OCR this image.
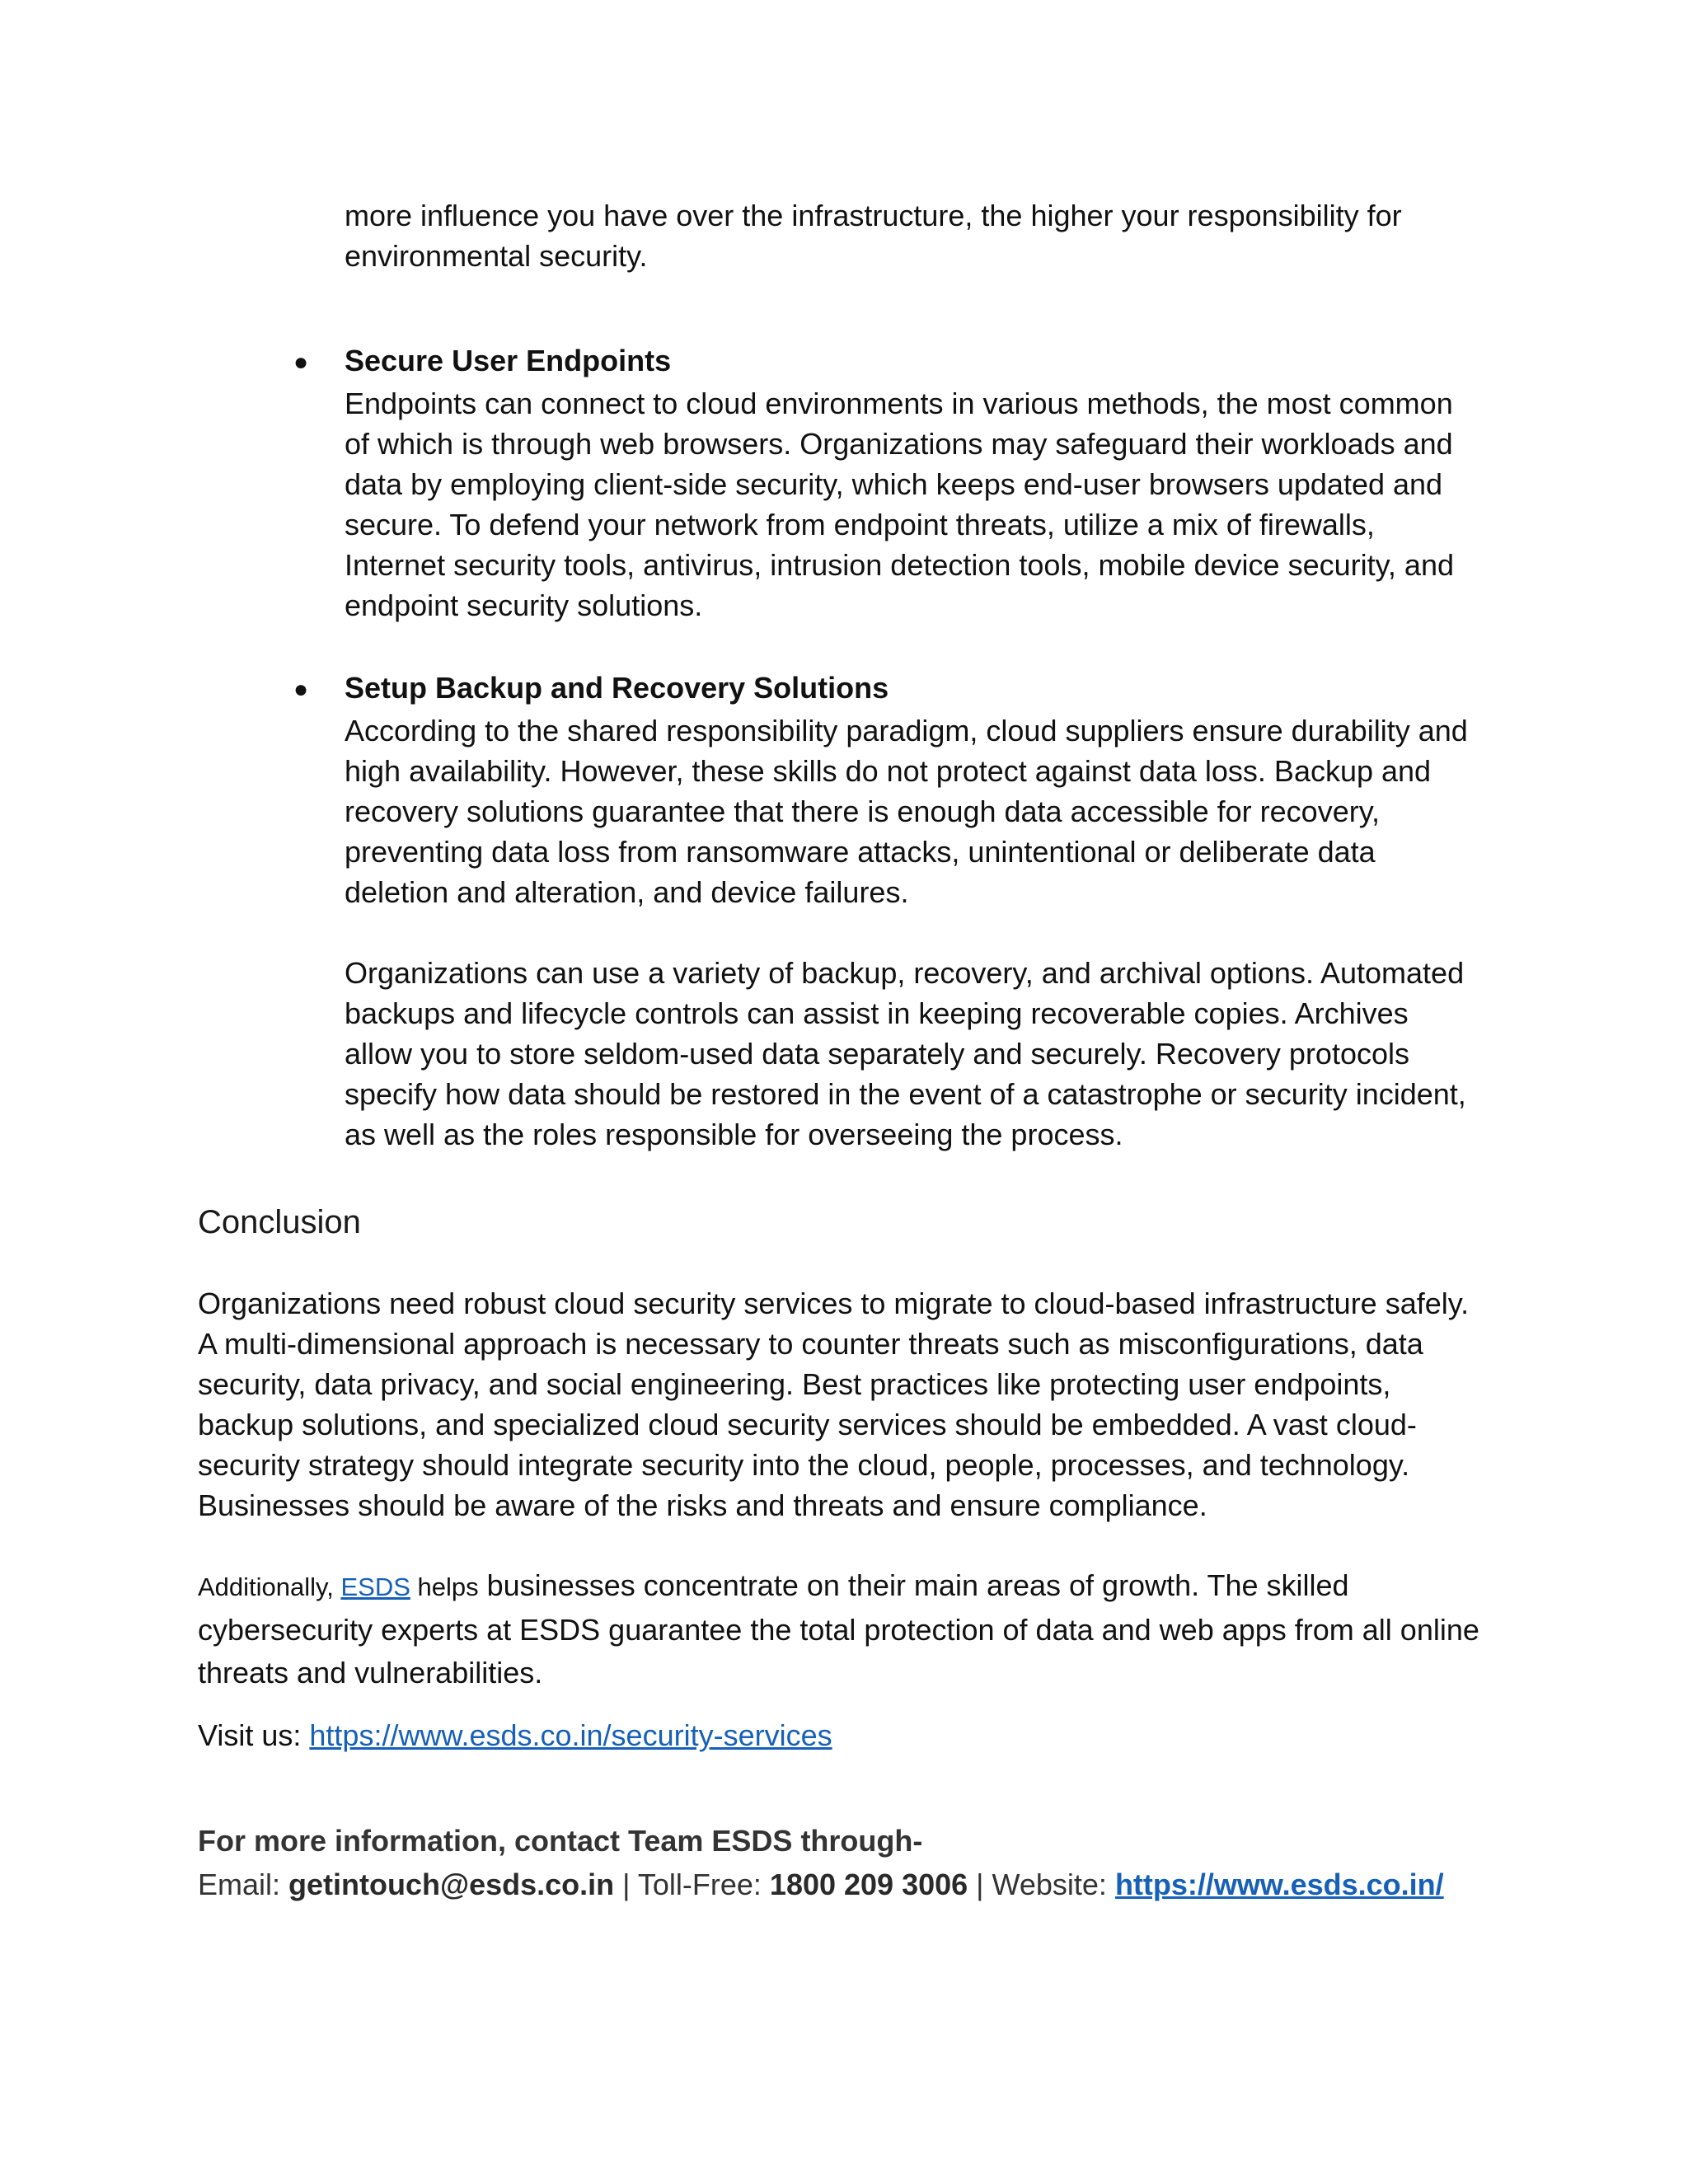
more influence you have over the infrastructure, the higher your responsibility for environmental security.
● Secure User Endpoints
Endpoints can connect to cloud environments in various methods, the most common of which is through web browsers. Organizations may safeguard their workloads and data by employing client-side security, which keeps end-user browsers updated and secure. To defend your network from endpoint threats, utilize a mix of firewalls, Internet security tools, antivirus, intrusion detection tools, mobile device security, and endpoint security solutions.
● Setup Backup and Recovery Solutions
According to the shared responsibility paradigm, cloud suppliers ensure durability and high availability. However, these skills do not protect against data loss. Backup and recovery solutions guarantee that there is enough data accessible for recovery, preventing data loss from ransomware attacks, unintentional or deliberate data deletion and alteration, and device failures.
Organizations can use a variety of backup, recovery, and archival options. Automated backups and lifecycle controls can assist in keeping recoverable copies. Archives allow you to store seldom-used data separately and securely. Recovery protocols specify how data should be restored in the event of a catastrophe or security incident, as well as the roles responsible for overseeing the process.
Conclusion
Organizations need robust cloud security services to migrate to cloud-based infrastructure safely. A multi-dimensional approach is necessary to counter threats such as misconfigurations, data security, data privacy, and social engineering. Best practices like protecting user endpoints, backup solutions, and specialized cloud security services should be embedded. A vast cloud-security strategy should integrate security into the cloud, people, processes, and technology. Businesses should be aware of the risks and threats and ensure compliance.
Additionally, ESDS helps businesses concentrate on their main areas of growth. The skilled cybersecurity experts at ESDS guarantee the total protection of data and web apps from all online threats and vulnerabilities.
Visit us: https://www.esds.co.in/security-services
For more information, contact Team ESDS through-
Email: getintouch@esds.co.in | Toll-Free: 1800 209 3006 | Website: https://www.esds.co.in/
